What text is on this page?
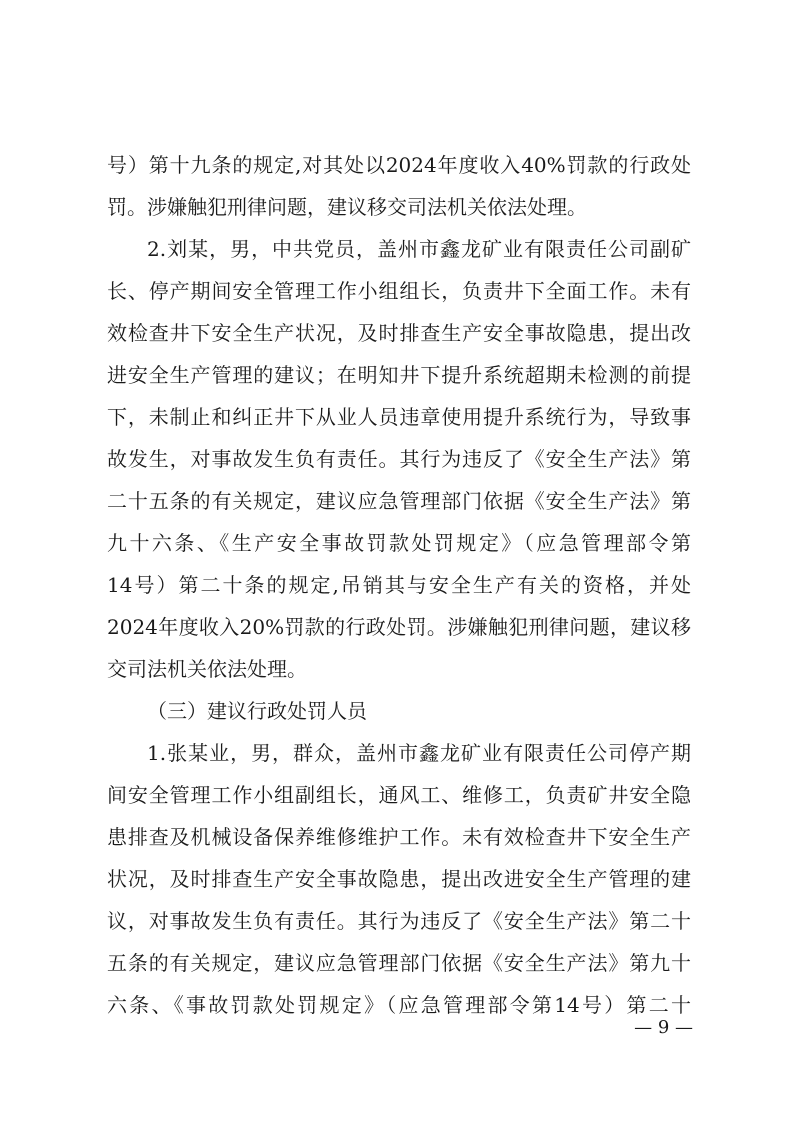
号）第十九条的规定,对其处以2024年度收入40%罚款的行政处
罚。涉嫌触犯刑律问题，建议移交司法机关依法处理。
2.刘某，男，中共党员，盖州市鑫龙矿业有限责任公司副矿
长、停产期间安全管理工作小组组长，负责井下全面工作。未有
效检查井下安全生产状况，及时排查生产安全事故隐患，提出改
进安全生产管理的建议；在明知井下提升系统超期未检测的前提
下，未制止和纠正井下从业人员违章使用提升系统行为，导致事
故发生，对事故发生负有责任。其行为违反了《安全生产法》第
二十五条的有关规定，建议应急管理部门依据《安全生产法》第
九十六条、《生产安全事故罚款处罚规定》（应急管理部令第
14号）第二十条的规定,吊销其与安全生产有关的资格，并处
2024年度收入20%罚款的行政处罚。涉嫌触犯刑律问题，建议移
交司法机关依法处理。
（三）建议行政处罚人员
1.张某业，男，群众，盖州市鑫龙矿业有限责任公司停产期
间安全管理工作小组副组长，通风工、维修工，负责矿井安全隐
患排查及机械设备保养维修维护工作。未有效检查井下安全生产
状况，及时排查生产安全事故隐患，提出改进安全生产管理的建
议，对事故发生负有责任。其行为违反了《安全生产法》第二十
五条的有关规定，建议应急管理部门依据《安全生产法》第九十
六条、《事故罚款处罚规定》（应急管理部令第14号）第二十
— 9 —
